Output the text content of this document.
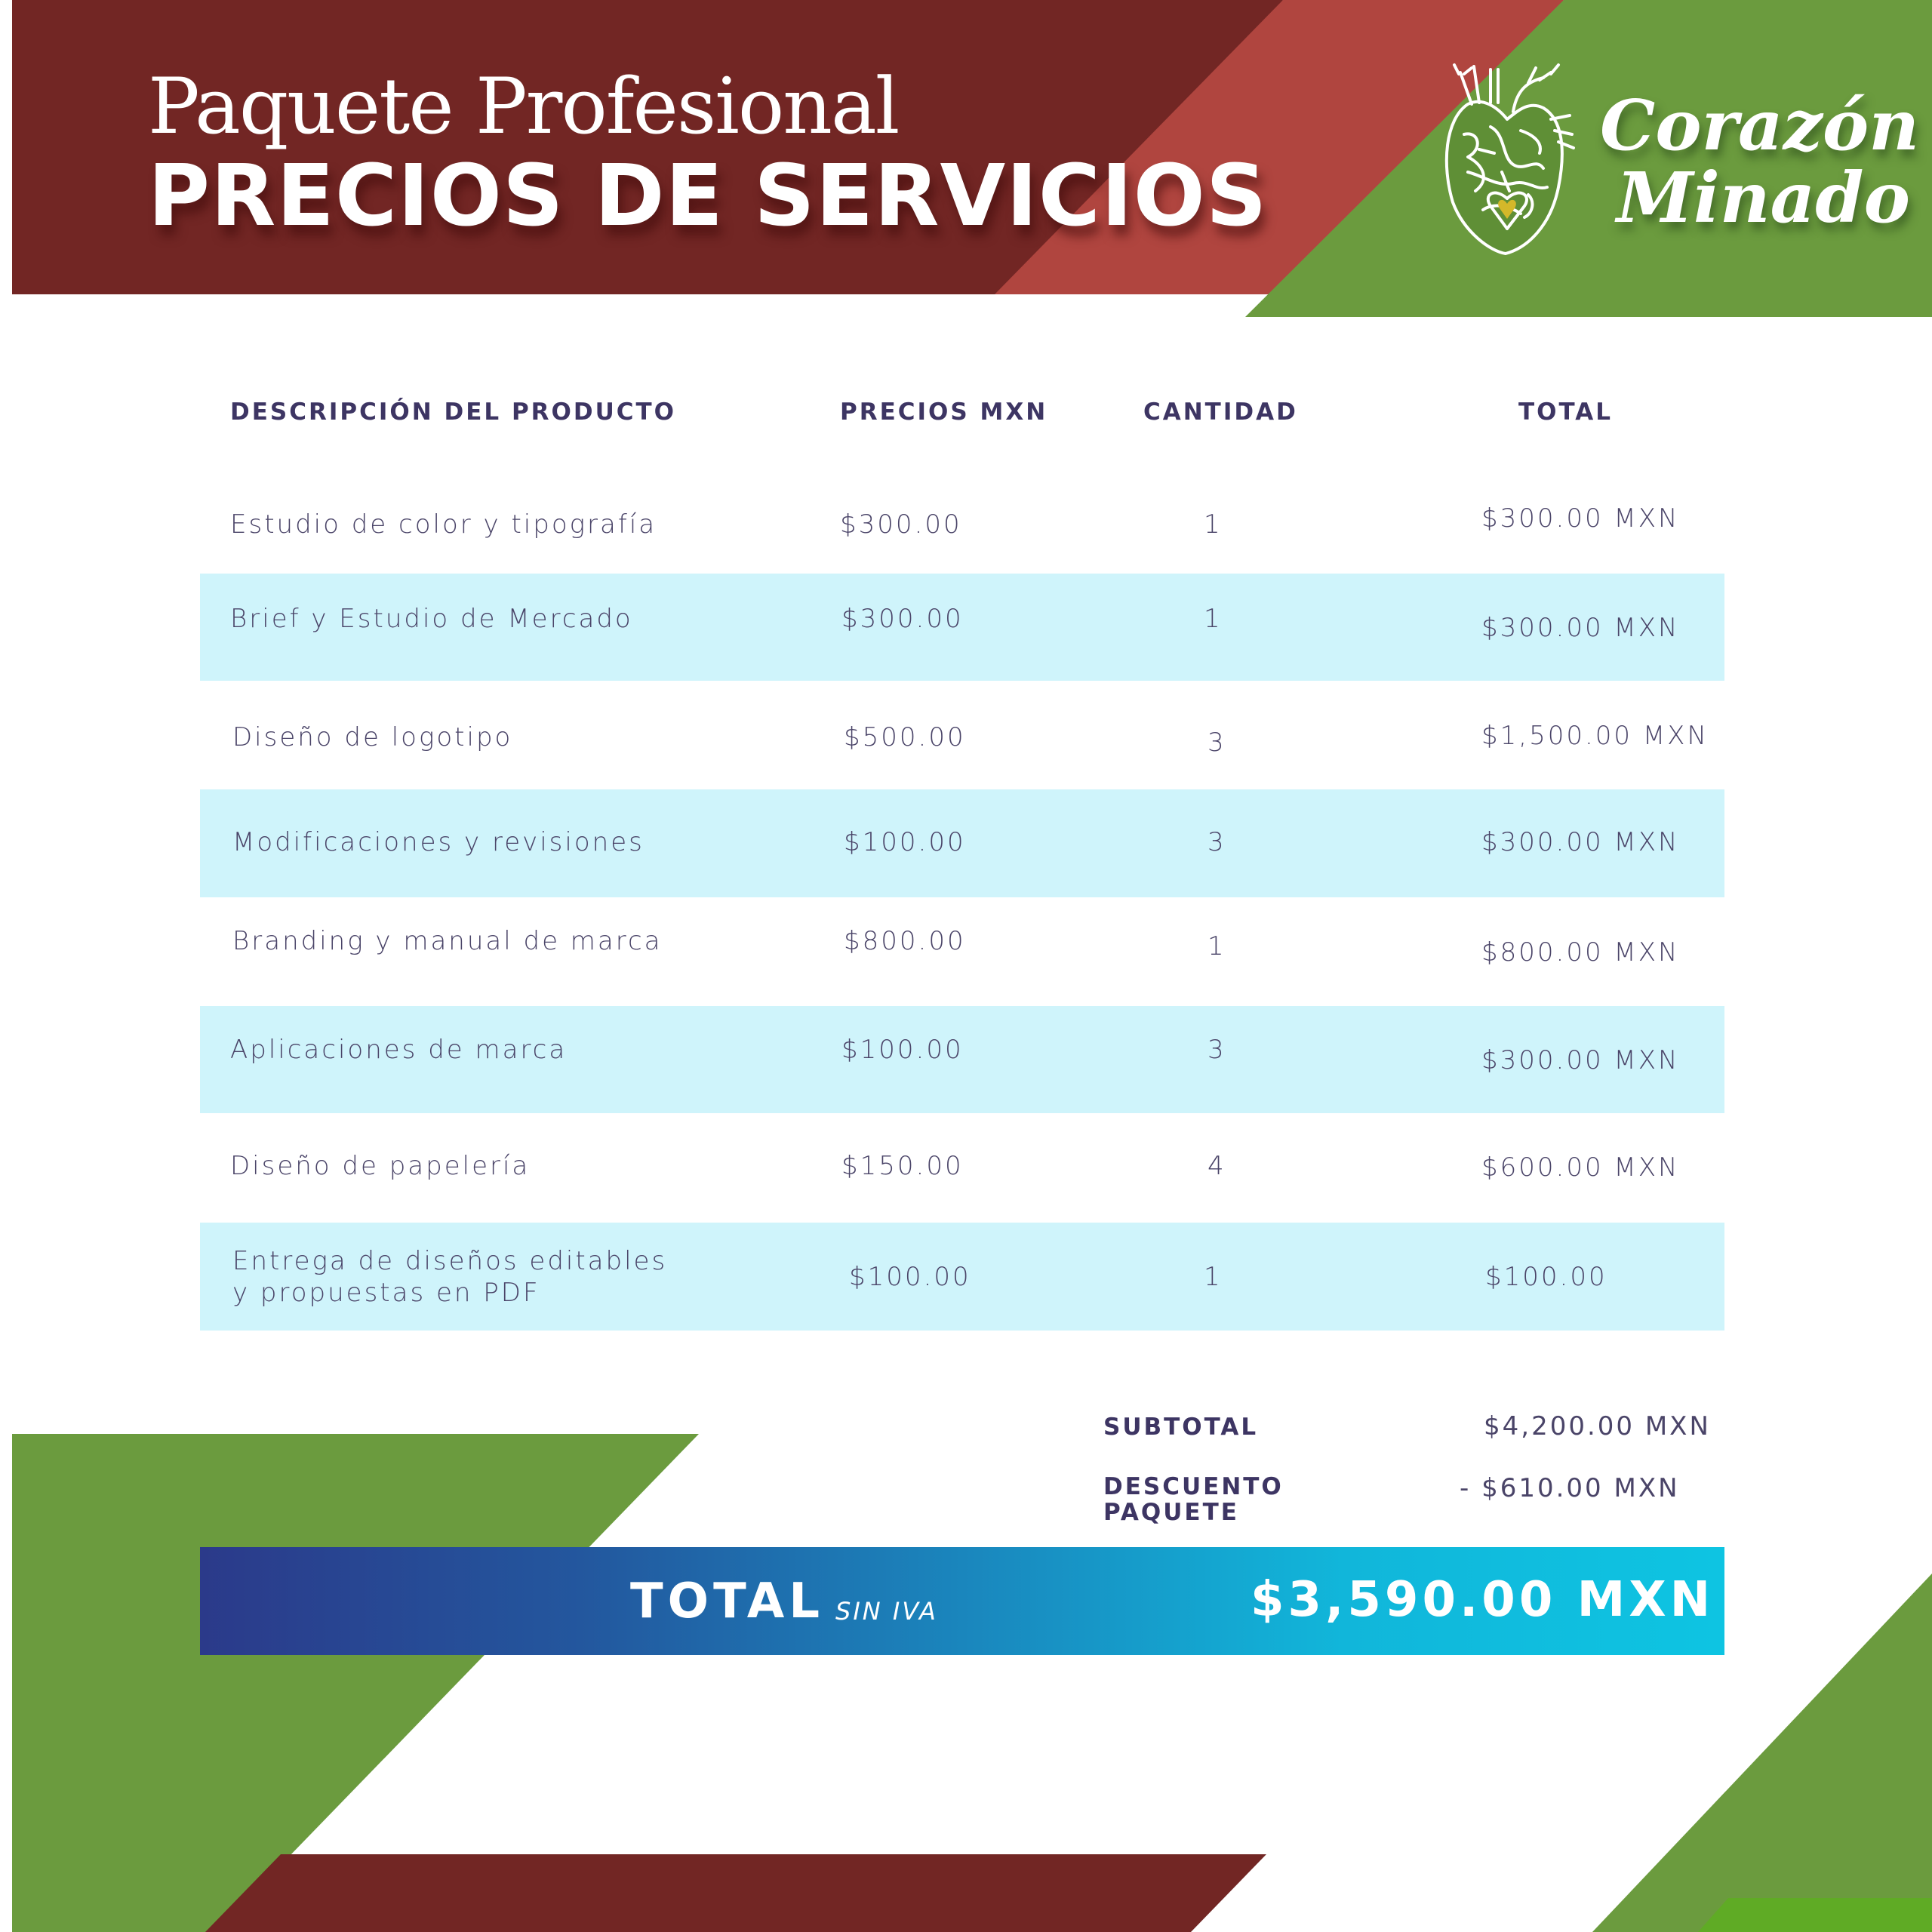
Paquete Profesional
PRECIOS DE SERVICIOS
Corazón
Minado
DESCRIPCIÓN DEL PRODUCTO	PRECIOS MXN	CANTIDAD	TOTAL
Estudio de color y tipografía	$300.00	1	$300.00 MXN
Brief y Estudio de Mercado	$300.00	1	$300.00 MXN
Diseño de logotipo	$500.00	3	$1,500.00 MXN
Modificaciones y revisiones	$100.00	3	$300.00 MXN
Branding y manual de marca	$800.00	1	$800.00 MXN
Aplicaciones de marca	$100.00	3	$300.00 MXN
Diseño de papelería	$150.00	4	$600.00 MXN
Entrega de diseños editables
y propuestas en PDF
$100.00	1	$100.00
SUBTOTAL	$4,200.00 MXN
DESCUENTO
PAQUETE
- $610.00 MXN
TOTAL SIN IVA	$3,590.00 MXN
